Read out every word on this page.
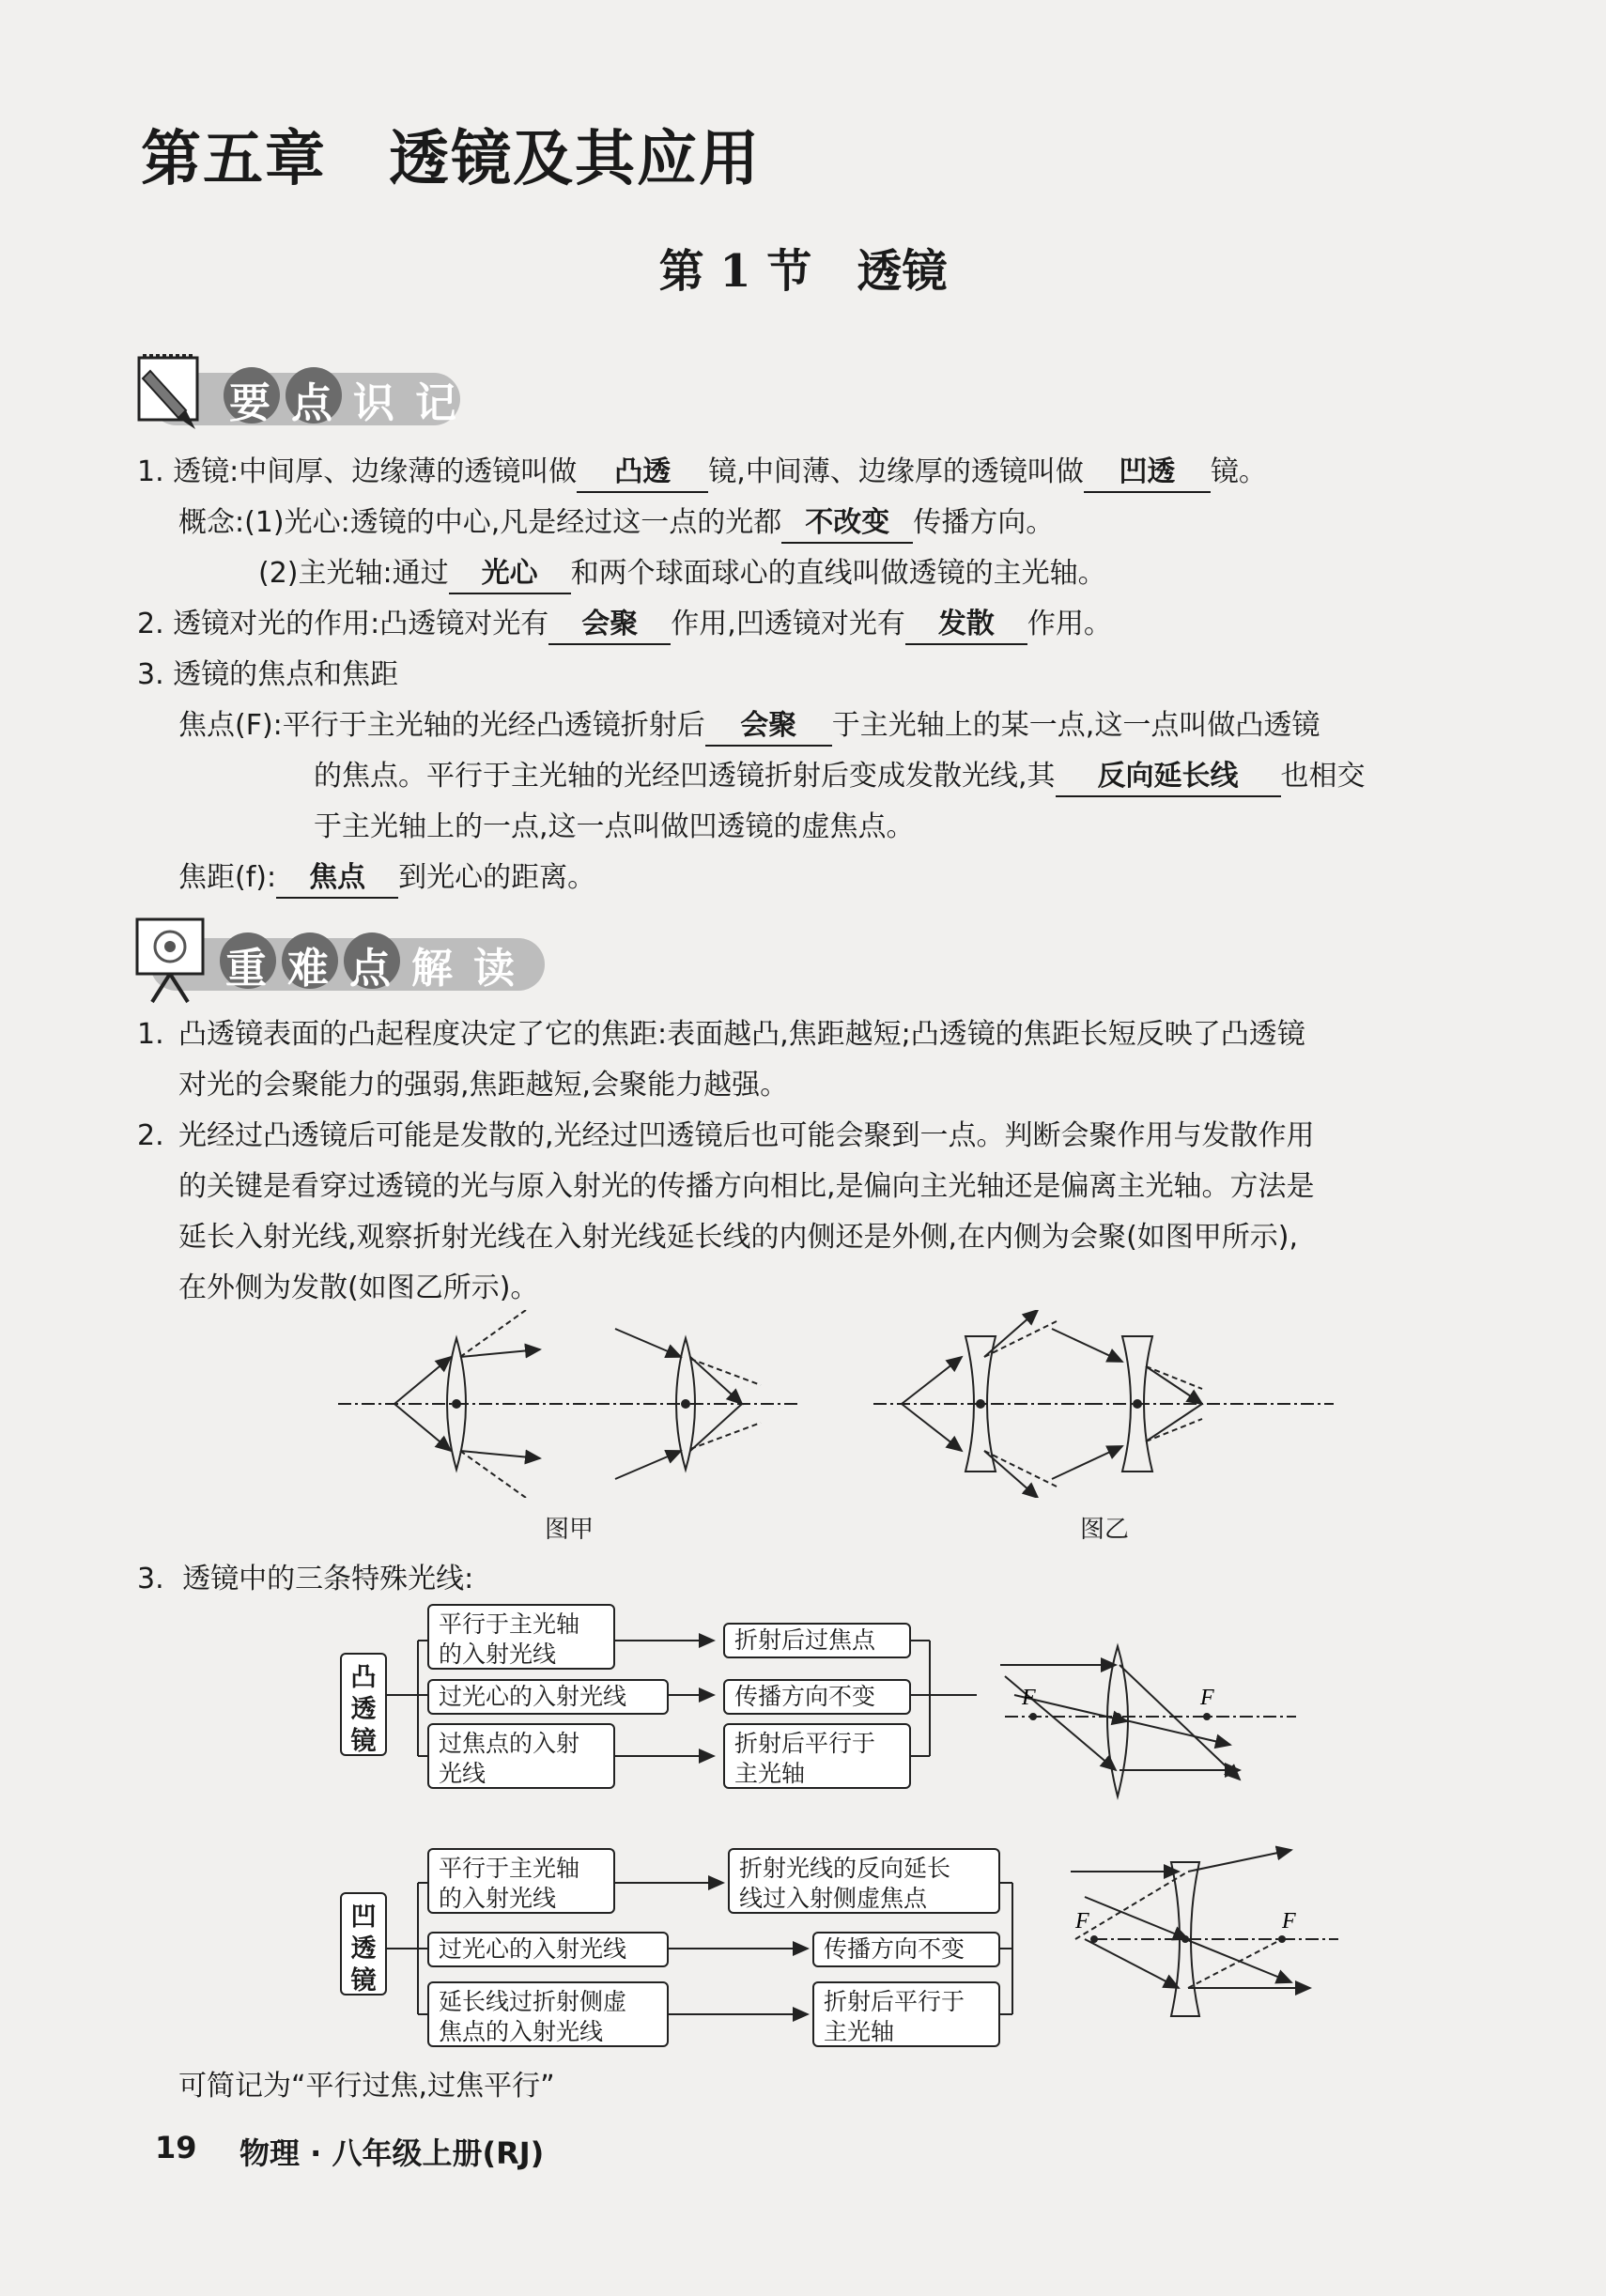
第五章　透镜及其应用
第 1 节　透镜
要点识记
1. 透镜:中间厚、边缘薄的透镜叫做 凸透 镜,中间薄、边缘厚的透镜叫做 凹透 镜。
概念:(1)光心:透镜的中心,凡是经过这一点的光都 不改变 传播方向。
(2)主光轴:通过 光心 和两个球面球心的直线叫做透镜的主光轴。
2. 透镜对光的作用:凸透镜对光有 会聚 作用,凹透镜对光有 发散 作用。
3. 透镜的焦点和焦距
焦点(F):平行于主光轴的光经凸透镜折射后 会聚 于主光轴上的某一点,这一点叫做凸透镜
的焦点。平行于主光轴的光经凹透镜折射后变成发散光线,其 反向延长线 也相交
于主光轴上的一点,这一点叫做凹透镜的虚焦点。
焦距(f): 焦点 到光心的距离。
重难点解读
1. 凸透镜表面的凸起程度决定了它的焦距:表面越凸,焦距越短;凸透镜的焦距长短反映了凸透镜
对光的会聚能力的强弱,焦距越短,会聚能力越强。
2. 光经过凸透镜后可能是发散的,光经过凹透镜后也可能会聚到一点。判断会聚作用与发散作用
的关键是看穿过透镜的光与原入射光的传播方向相比,是偏向主光轴还是偏离主光轴。方法是
延长入射光线,观察折射光线在入射光线延长线的内侧还是外侧,在内侧为会聚(如图甲所示),
在外侧为发散(如图乙所示)。
图甲	图乙
3. 透镜中的三条特殊光线:
凸透镜
平行于主光轴
的入射光线
过光心的入射光线
过焦点的入射
光线
折射后过焦点
传播方向不变
折射后平行于
主光轴
凹透镜
平行于主光轴
的入射光线
过光心的入射光线
延长线过折射侧虚
焦点的入射光线
折射光线的反向延长
线过入射侧虚焦点
传播方向不变
折射后平行于
主光轴
F	F
F	F
可简记为“平行过焦,过焦平行”
19 物理 · 八年级上册(RJ)
